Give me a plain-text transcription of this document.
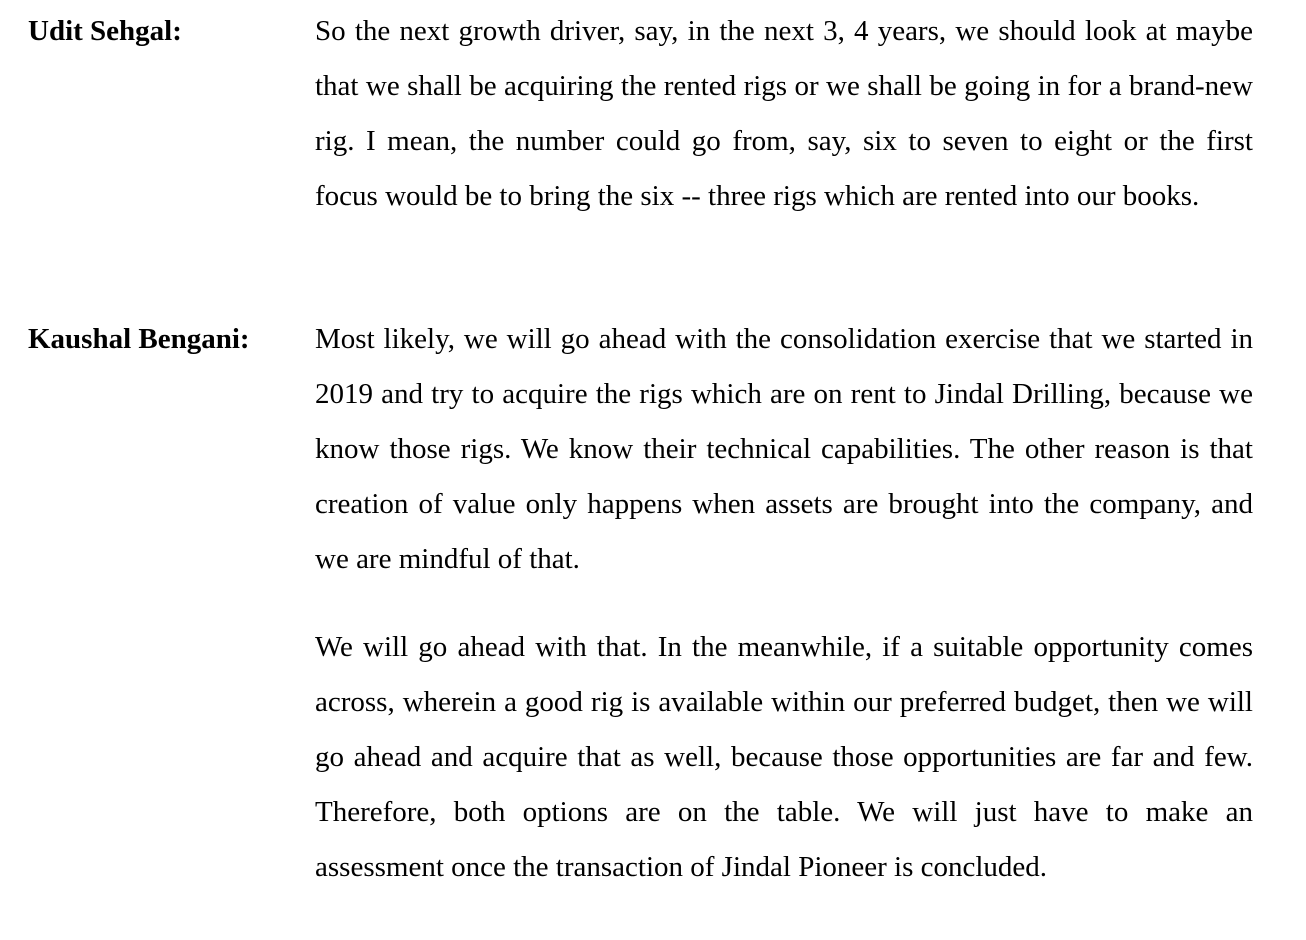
Udit Sehgal:	So the next growth driver, say, in the next 3, 4 years, we should look at maybe that we shall be acquiring the rented rigs or we shall be going in for a brand-new rig. I mean, the number could go from, say, six to seven to eight or the first focus would be to bring the six -- three rigs which are rented into our books.

Kaushal Bengani: Most likely, we will go ahead with the consolidation exercise that we started in 2019 and try to acquire the rigs which are on rent to Jindal Drilling, because we know those rigs. We know their technical capabilities. The other reason is that creation of value only happens when assets are brought into the company, and we are mindful of that.

We will go ahead with that. In the meanwhile, if a suitable opportunity comes across, wherein a good rig is available within our preferred budget, then we will go ahead and acquire that as well, because those opportunities are far and few. Therefore, both options are on the table. We will just have to make an assessment once the transaction of Jindal Pioneer is concluded.
